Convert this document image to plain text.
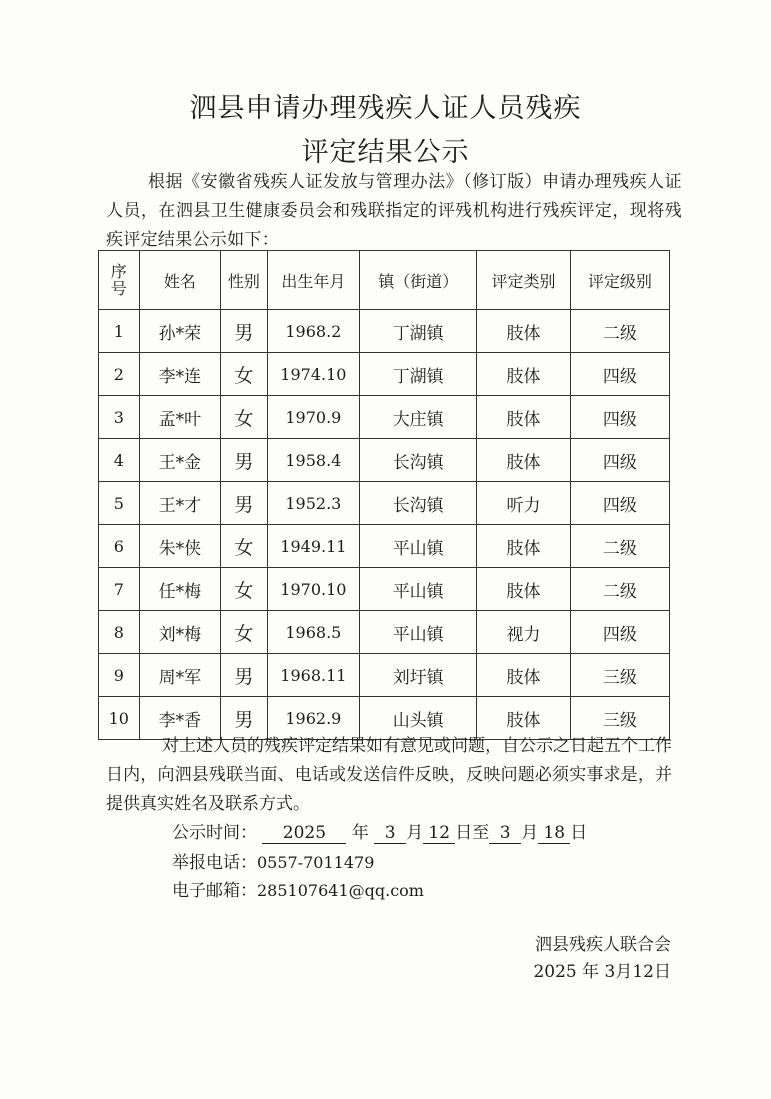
泗县申请办理残疾人证人员残疾
评定结果公示
根据《安徽省残疾人证发放与管理办法》（修订版）申请办理残疾人证人员，在泗县卫生健康委员会和残联指定的评残机构进行残疾评定，现将残疾评定结果公示如下：
序
号	姓名	性别	出生年月	镇（街道）	评定类别	评定级别
1	孙*荣	男	1968.2	丁湖镇	肢体	二级
2	李*连	女	1974.10	丁湖镇	肢体	四级
3	孟*叶	女	1970.9	大庄镇	肢体	四级
4	王*金	男	1958.4	长沟镇	肢体	四级
5	王*才	男	1952.3	长沟镇	听力	四级
6	朱*侠	女	1949.11	平山镇	肢体	二级
7	任*梅	女	1970.10	平山镇	肢体	二级
8	刘*梅	女	1968.5	平山镇	视力	四级
9	周*军	男	1968.11	刘圩镇	肢体	三级
10	李*香	男	1962.9	山头镇	肢体	三级
对上述人员的残疾评定结果如有意见或问题，自公示之日起五个工作日内，向泗县残联当面、电话或发送信件反映，反映问题必须实事求是，并提供真实姓名及联系方式。
公示时间： 2025 年 3 月 12 日至 3 月 18 日
举报电话：0557-7011479
电子邮箱：285107641@qq.com
泗县残疾人联合会
2025 年 3月12日
